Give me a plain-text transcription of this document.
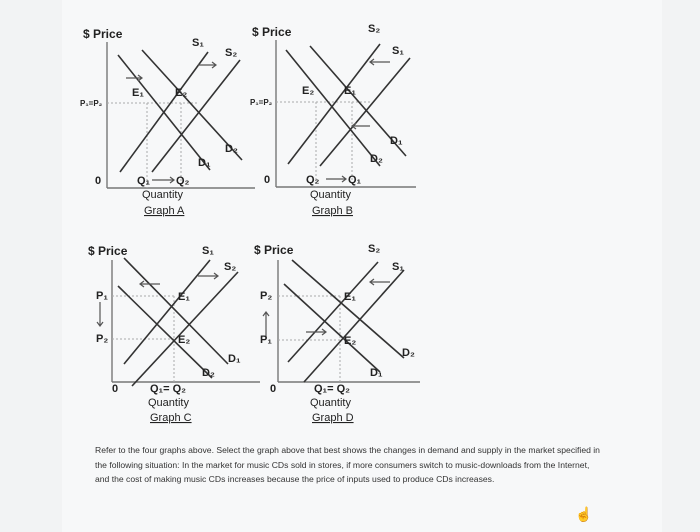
$ Price
P₁=P₂
S₁
S₂
D₂
D₁
E₁	E₂
0	Q₁ Q₂
Quantity
Graph A
$ Price
P₁=P₂
S₂
S₁
D₁
D₂
E₂	E₁
0	Q₂	Q₁
Quantity
Graph B
$ Price
P₁
P₂
S₁
S₂
D₁
D₂
E₁
E₂
0	Q₁= Q₂
Quantity
Graph C
$ Price
P₂
P₁
S₂
S₁
D₂
D₁
E₁
E₂
0	Q₁= Q₂
Quantity
Graph D
Refer to the four graphs above. Select the graph above that best shows the changes in demand and supply in the market specified in the following situation: In the market for music CDs sold in stores, if more consumers switch to music-downloads from the Internet, and the cost of making music CDs increases because the price of inputs used to produce CDs increases.
☝
